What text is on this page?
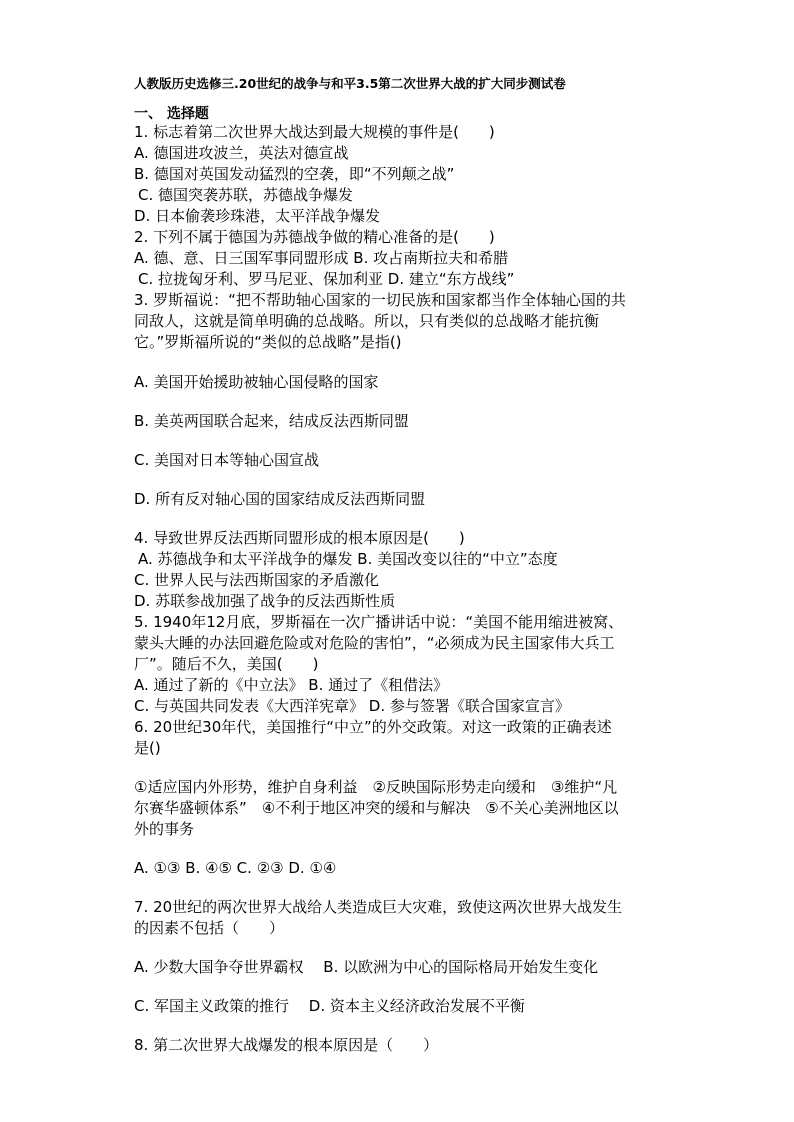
人教版历史选修三.20世纪的战争与和平3.5第二次世界大战的扩大同步测试卷
一、 选择题
1. 标志着第二次世界大战达到最大规模的事件是(　　)
A. 德国进攻波兰，英法对德宣战
B. 德国对英国发动猛烈的空袭，即“不列颠之战”
C. 德国突袭苏联，苏德战争爆发
D. 日本偷袭珍珠港，太平洋战争爆发
2. 下列不属于德国为苏德战争做的精心准备的是(　　)
A. 德、意、日三国军事同盟形成 B. 攻占南斯拉夫和希腊
C. 拉拢匈牙利、罗马尼亚、保加利亚 D. 建立“东方战线”
3. 罗斯福说：“把不帮助轴心国家的一切民族和国家都当作全体轴心国的共
同敌人，这就是简单明确的总战略。所以，只有类似的总战略才能抗衡
它。”罗斯福所说的“类似的总战略”是指()
A. 美国开始援助被轴心国侵略的国家
B. 美英两国联合起来，结成反法西斯同盟
C. 美国对日本等轴心国宣战
D. 所有反对轴心国的国家结成反法西斯同盟
4. 导致世界反法西斯同盟形成的根本原因是(　　)
A. 苏德战争和太平洋战争的爆发 B. 美国改变以往的“中立”态度
C. 世界人民与法西斯国家的矛盾激化
D. 苏联参战加强了战争的反法西斯性质
5. 1940年12月底，罗斯福在一次广播讲话中说：“美国不能用缩进被窝、
蒙头大睡的办法回避危险或对危险的害怕”，“必须成为民主国家伟大兵工
厂”。随后不久，美国(　　)
A. 通过了新的《中立法》 B. 通过了《租借法》
C. 与英国共同发表《大西洋宪章》 D. 参与签署《联合国家宣言》
6. 20世纪30年代，美国推行“中立”的外交政策。对这一政策的正确表述
是()
①适应国内外形势，维护自身利益　②反映国际形势走向缓和　③维护“凡
尔赛华盛顿体系”　④不利于地区冲突的缓和与解决　⑤不关心美洲地区以
外的事务
A. ①③ B. ④⑤ C. ②③ D. ①④
7. 20世纪的两次世界大战给人类造成巨大灾难，致使这两次世界大战发生
的因素不包括（　　）
A. 少数大国争夺世界霸权　 B. 以欧洲为中心的国际格局开始发生变化
C. 军国主义政策的推行　 D. 资本主义经济政治发展不平衡
8. 第二次世界大战爆发的根本原因是（　　）
